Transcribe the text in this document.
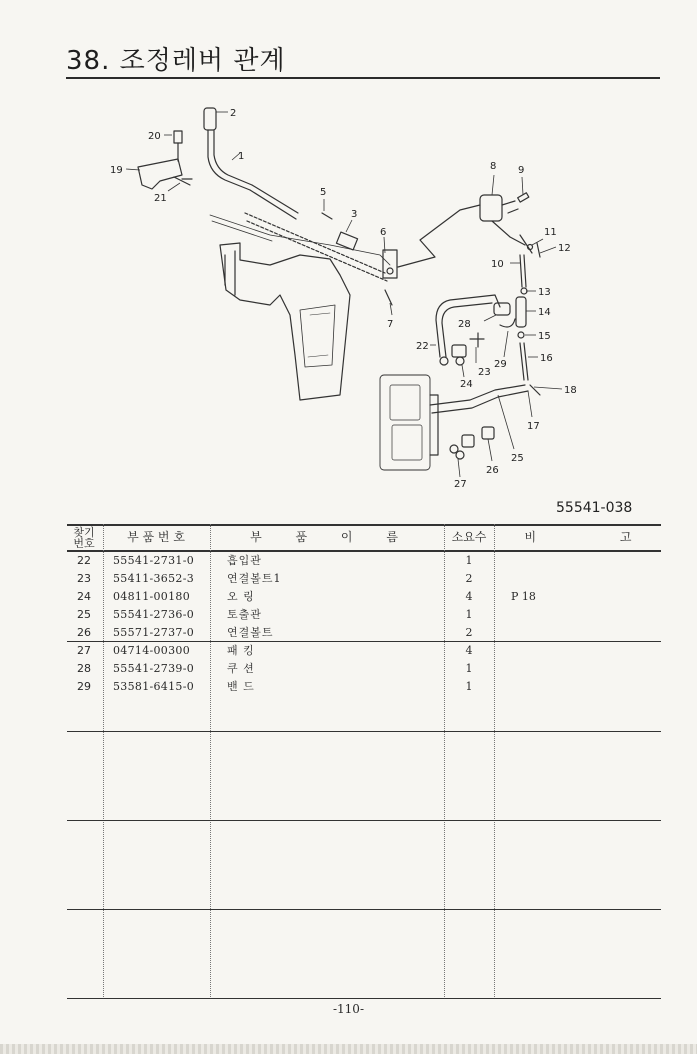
38. 조정레버 관계
2
1
3
5
6
7
8 9
10
11
12
13
14
15
16
17
18
19
20
21
22
23
24
25
26
27
28
29
55541-038
찾기
번호	부 품 번 호	부 품 이 름	소요수	비 고
22	55541-2731-0	흡입관	1
23	55411-3652-3	연결볼트1	2
24	04811-00180	오 링	4	P 18
25	55541-2736-0	토출관	1
26	55571-2737-0	연결볼트	2
27	04714-00300	패 킹	4
28	55541-2739-0	쿠 션	1
29	53581-6415-0	밴 드	1
-110-
